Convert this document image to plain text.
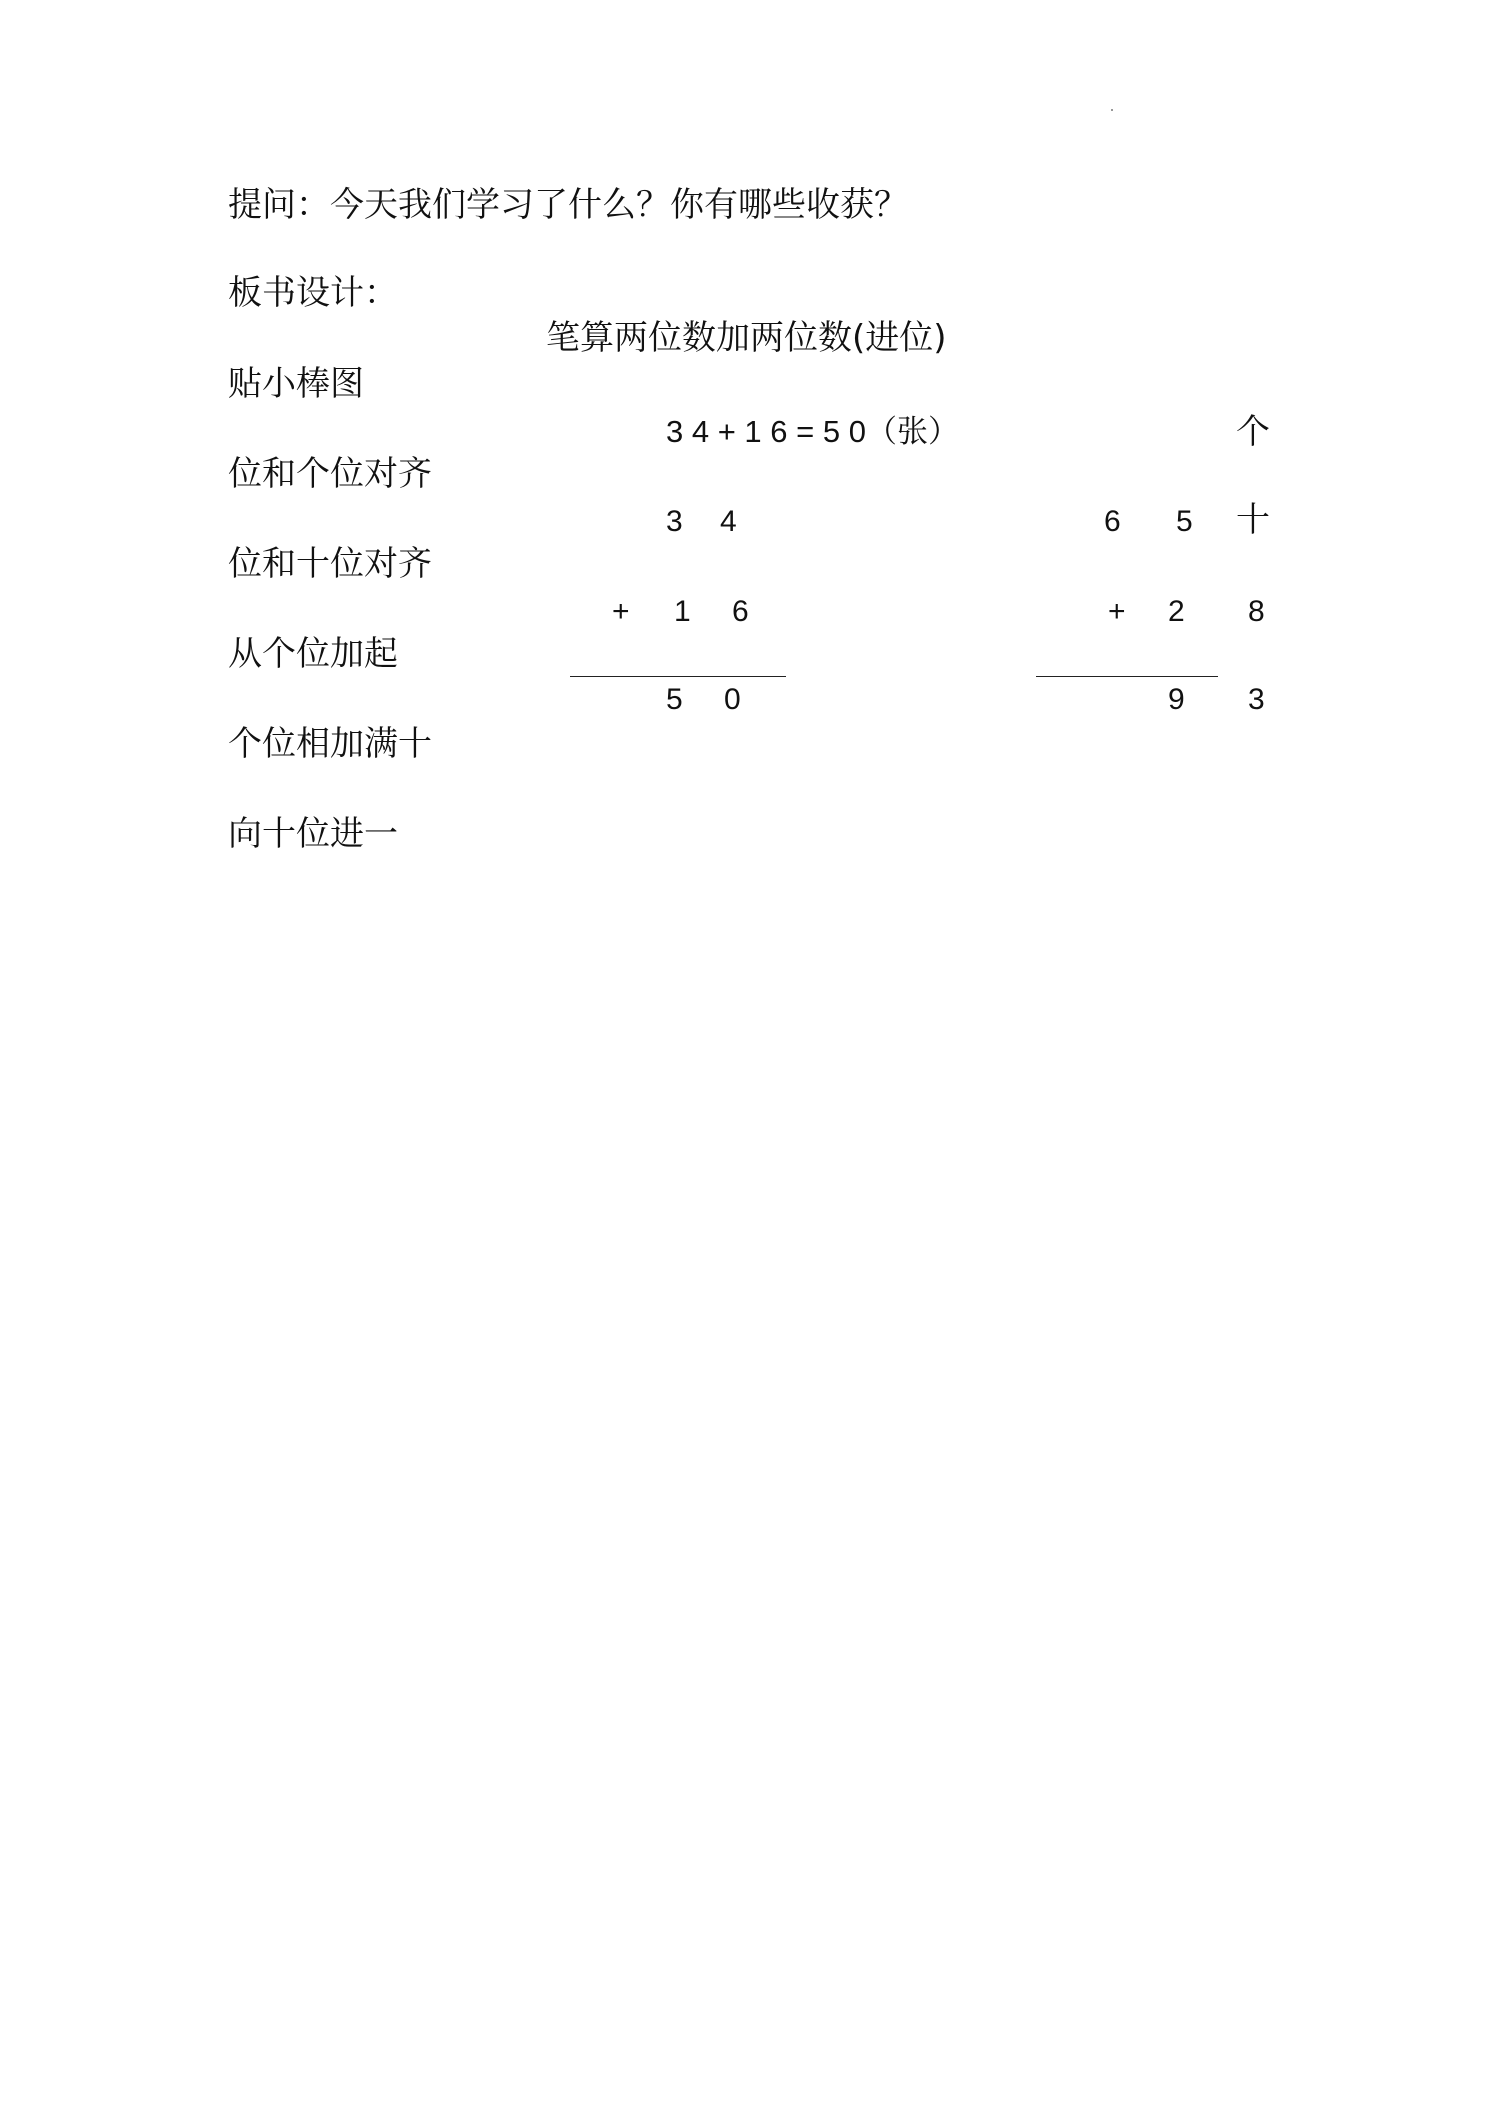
提问：今天我们学习了什么？你有哪些收获？
板书设计：
笔算两位数加两位数(进位)
贴小棒图
位和个位对齐
位和十位对齐
从个位加起
个位相加满十
向十位进一
3 4 + 1 6 = 5 0（张）	个
十
3 4
+ 1 6
5 0
6 5
+ 2 8
9 3
